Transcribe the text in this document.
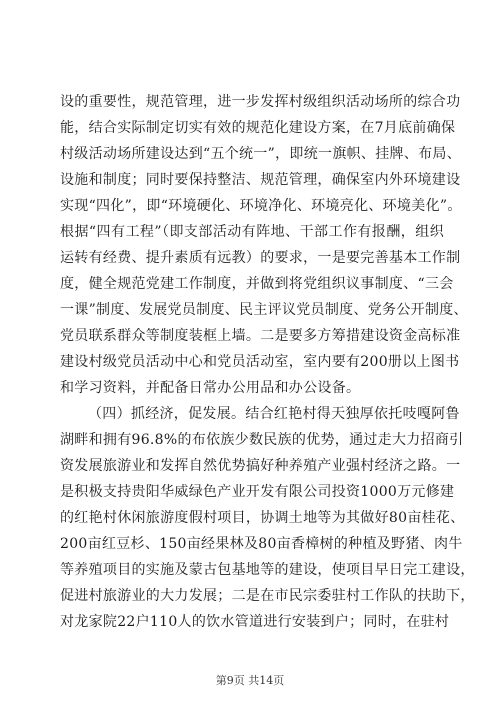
设的重要性，规范管理，进一步发挥村级组织活动场所的综合功
能，结合实际制定切实有效的规范化建设方案，在7月底前确保
村级活动场所建设达到“五个统一”，即统一旗帜、挂牌、布局、
设施和制度；同时要保持整洁、规范管理，确保室内外环境建设
实现“四化”，即“环境硬化、环境净化、环境亮化、环境美化”。
根据“四有工程”（即支部活动有阵地、干部工作有报酬，组织
运转有经费、提升素质有远教）的要求，一是要完善基本工作制
度，健全规范党建工作制度，并做到将党组织议事制度、“三会
一课”制度、发展党员制度、民主评议党员制度、党务公开制度、
党员联系群众等制度装框上墙。二是要多方筹措建设资金高标准
建设村级党员活动中心和党员活动室，室内要有200册以上图书
和学习资料，并配备日常办公用品和办公设备。
（四）抓经济，促发展。结合红艳村得天独厚依托吱嘎阿鲁
湖畔和拥有96.8%的布依族少数民族的优势，通过走大力招商引
资发展旅游业和发挥自然优势搞好种养殖产业强村经济之路。一
是积极支持贵阳华威绿色产业开发有限公司投资1000万元修建
的红艳村休闲旅游度假村项目，协调土地等为其做好80亩桂花、
200亩红豆杉、150亩经果林及80亩香樟树的种植及野猪、肉牛
等养殖项目的实施及蒙古包基地等的建设，使项目早日完工建设，
促进村旅游业的大力发展；二是在市民宗委驻村工作队的扶助下，
对龙家院22户110人的饮水管道进行安装到户；同时，在驻村
第9页 共14页
